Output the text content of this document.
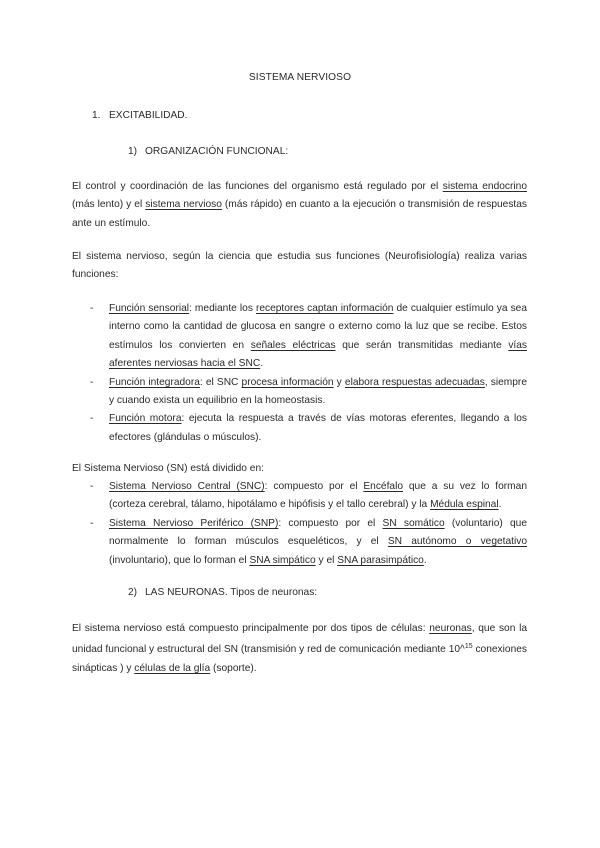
SISTEMA NERVIOSO
1. EXCITABILIDAD.
1) ORGANIZACIÓN FUNCIONAL:

El control y coordinación de las funciones del organismo está regulado por el sistema endocrino (más lento) y el sistema nervioso (más rápido) en cuanto a la ejecución o transmisión de respuestas ante un estímulo.

El sistema nervioso, según la ciencia que estudia sus funciones (Neurofisiología) realiza varias funciones:

- Función sensorial: mediante los receptores captan información de cualquier estímulo ya sea interno como la cantidad de glucosa en sangre o externo como la luz que se recibe. Estos estímulos los convierten en señales eléctricas que serán transmitidas mediante vías aferentes nerviosas hacia el SNC.
- Función integradora: el SNC procesa información y elabora respuestas adecuadas, siempre y cuando exista un equilibrio en la homeostasis.
- Función motora: ejecuta la respuesta a través de vías motoras eferentes, llegando a los efectores (glándulas o músculos).

El Sistema Nervioso (SN) está dividido en:

- Sistema Nervioso Central (SNC): compuesto por el Encéfalo que a su vez lo forman (corteza cerebral, tálamo, hipotálamo e hipófisis y el tallo cerebral) y la Médula espinal.
- Sistema Nervioso Periférico (SNP): compuesto por el SN somático (voluntario) que normalmente lo forman músculos esqueléticos, y el SN autónomo o vegetativo (involuntario), que lo forman el SNA simpático y el SNA parasimpático.
2) LAS NEURONAS. Tipos de neuronas:

El sistema nervioso está compuesto principalmente por dos tipos de células: neuronas, que son la unidad funcional y estructural del SN (transmisión y red de comunicación mediante 10^$^{15}$ conexiones sinápticas ) y células de la glía (soporte).
